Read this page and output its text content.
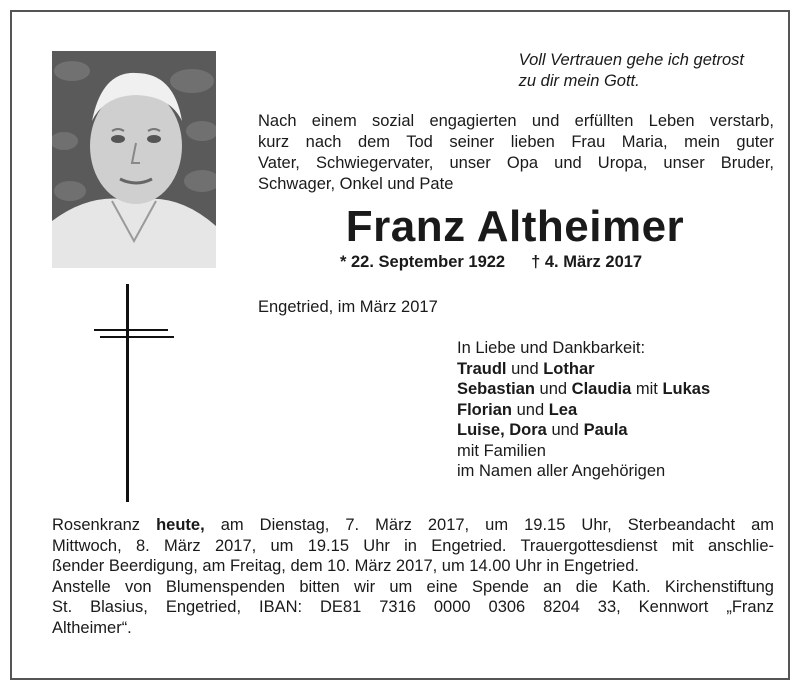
Voll Vertrauen gehe ich getrost
zu dir mein Gott.
Nach einem sozial engagierten und erfüllten Leben verstarb,
kurz nach dem Tod seiner lieben Frau Maria, mein guter
Vater, Schwiegervater, unser Opa und Uropa, unser Bruder,
Schwager, Onkel und Pate
Franz Altheimer
* 22. September 1922 † 4. März 2017
Engetried, im März 2017
In Liebe und Dankbarkeit:
Traudl und Lothar
Sebastian und Claudia mit Lukas
Florian und Lea
Luise, Dora und Paula
mit Familien
im Namen aller Angehörigen
Rosenkranz heute, am Dienstag, 7. März 2017, um 19.15 Uhr, Sterbeandacht am
Mittwoch, 8. März 2017, um 19.15 Uhr in Engetried. Trauergottesdienst mit anschlie-
ßender Beerdigung, am Freitag, dem 10. März 2017, um 14.00 Uhr in Engetried.
Anstelle von Blumenspenden bitten wir um eine Spende an die Kath. Kirchenstiftung
St. Blasius, Engetried, IBAN: DE81 7316 0000 0306 8204 33, Kennwort „Franz
Altheimer“.
